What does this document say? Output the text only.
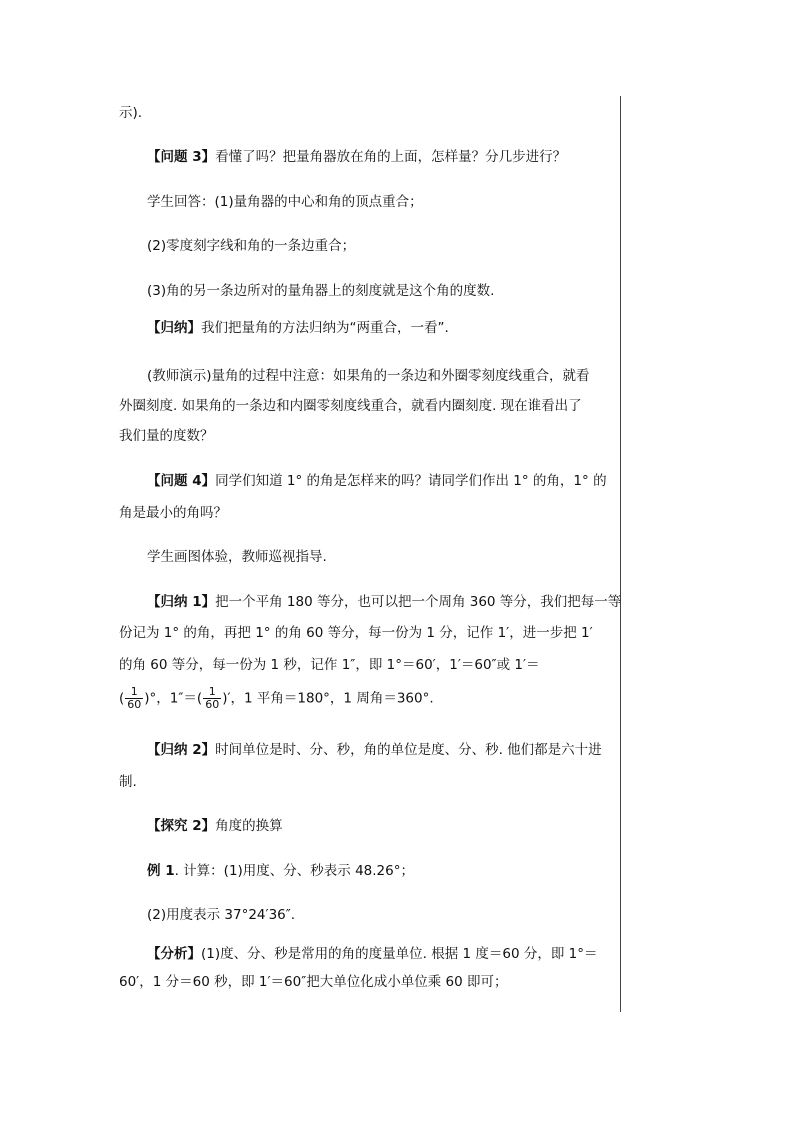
示).
【问题 3】看懂了吗？把量角器放在角的上面，怎样量？分几步进行？
学生回答：(1)量角器的中心和角的顶点重合；
(2)零度刻字线和角的一条边重合；
(3)角的另一条边所对的量角器上的刻度就是这个角的度数.
【归纳】我们把量角的方法归纳为“两重合，一看”.
(教师演示)量角的过程中注意：如果角的一条边和外圈零刻度线重合，就看
外圈刻度. 如果角的一条边和内圈零刻度线重合，就看内圈刻度. 现在谁看出了
我们量的度数？
【问题 4】同学们知道 1° 的角是怎样来的吗？请同学们作出 1° 的角，1° 的
角是最小的角吗？
学生画图体验，教师巡视指导.
【归纳 1】把一个平角 180 等分，也可以把一个周角 360 等分，我们把每一等
份记为 1° 的角，再把 1° 的角 60 等分，每一份为 1 分，记作 1′，进一步把 1′
的角 60 等分，每一份为 1 秒，记作 1″，即 1°＝60′，1′＝60″或 1′＝
( $\frac{1}{60}$ )°，$1''=( \frac{1}{60}$ )′，1 平角＝180°，1 周角＝360°.
【归纳 2】时间单位是时、分、秒，角的单位是度、分、秒. 他们都是六十进
制.
【探究 2】角度的换算
例 1. 计算：(1)用度、分、秒表示 48.26°；
(2)用度表示 37°24′36″.
【分析】(1)度、分、秒是常用的角的度量单位. 根据 1 度＝60 分，即 1°＝
60′，1 分＝60 秒，即 1′＝60″把大单位化成小单位乘 60 即可；
